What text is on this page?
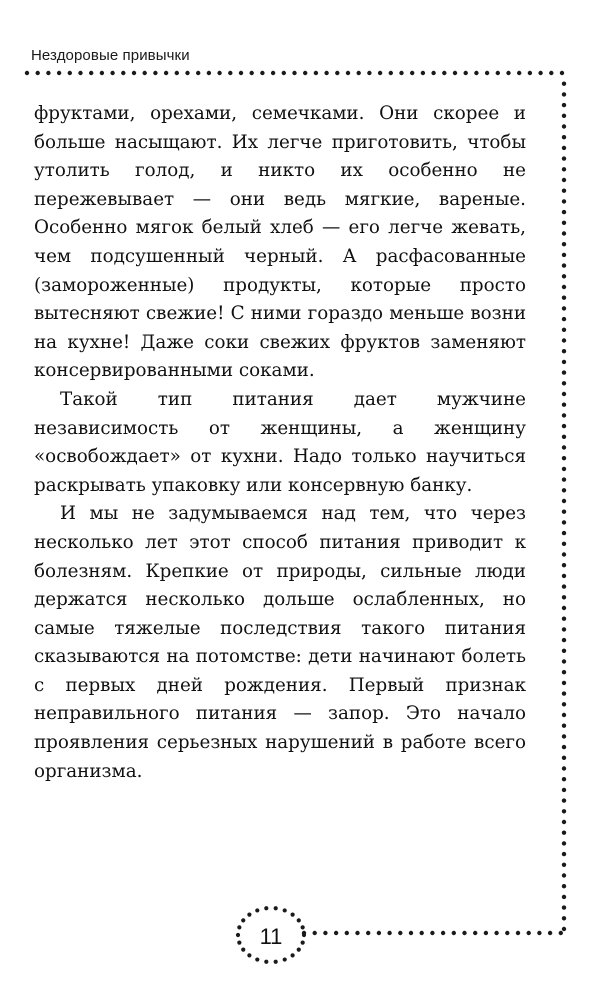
Нездоровые привычки

фруктами, орехами, семечками. Они скорее и больше насыщают. Их легче приготовить, чтобы утолить голод, и никто их особенно не пережевывает — они ведь мягкие, вареные. Особенно мягок белый хлеб — его легче жевать, чем подсушенный черный. А расфасованные (замороженные) продукты, которые просто вытесняют свежие! С ними гораздо меньше возни на кухне! Даже соки свежих фруктов заменяют консервированными соками.

Такой тип питания дает мужчине независимость от женщины, а женщину «освобождает» от кухни. Надо только научиться раскрывать упаковку или консервную банку.

И мы не задумываемся над тем, что через несколько лет этот способ питания приводит к болезням. Крепкие от природы, сильные люди держатся несколько дольше ослабленных, но самые тяжелые последствия такого питания сказываются на потомстве: дети начинают болеть с первых дней рождения. Первый признак неправильного питания — запор. Это начало проявления серьезных нарушений в работе всего организма.

11
